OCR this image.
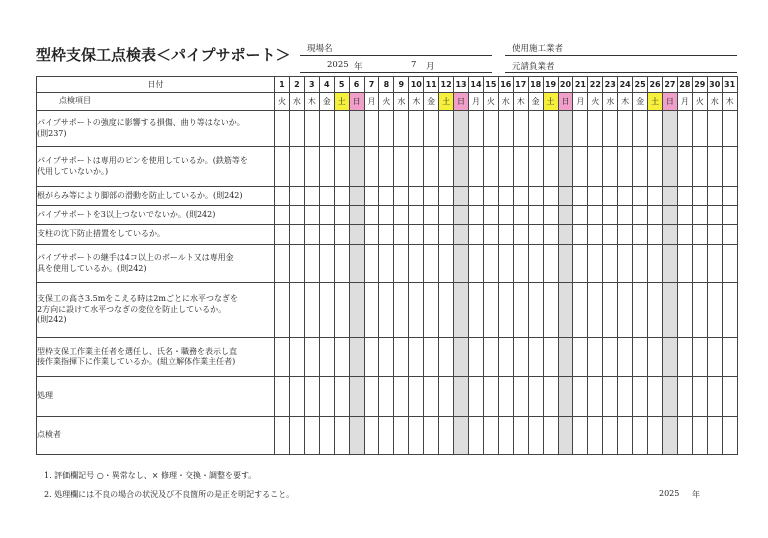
型枠支保工点検表＜パイプサポート＞ 現場名	使用施工業者
2025 年	7 月	元請負業者
日付	1	2	3	4	5	6	7	8	9	10	11	12	13	14	15	16	17	18	19	20	21	22	23	24	25	26	27	28	29	30	31
点検項目	火	水	木	金	土	日	月	火	水	木	金	土	日	月	火	水	木	金	土	日	月	火	水	木	金	土	日	月	火	水	木

パイプサポートの強度に影響する損傷、曲り等はないか。
(則237)																															

パイプサポートは専用のピンを使用しているか。(鉄筋等を
代用していないか。)																															

根がらみ等により脚部の滑動を防止しているか。(則242)																															

パイプサポートを3以上つないでないか。(則242)																															

支柱の沈下防止措置をしているか。																															

パイプサポートの継手は4コ以上のボールト又は専用金
具を使用しているか。(則242)																															

支保工の高さ3.5mをこえる時は2mごとに水平つなぎを
2方向に設けて水平つなぎの変位を防止しているか。
(則242)																															

型枠支保工作業主任者を選任し、氏名・職務を表示し直
接作業指揮下に作業しているか。(組立解体作業主任者)																															

処理																															
点検者																															
1. 評価欄記号 ○・異常なし、× 修理・交換・調整を要す。
2. 処理欄には不良の場合の状況及び不良箇所の是正を明記すること。	2025 年
